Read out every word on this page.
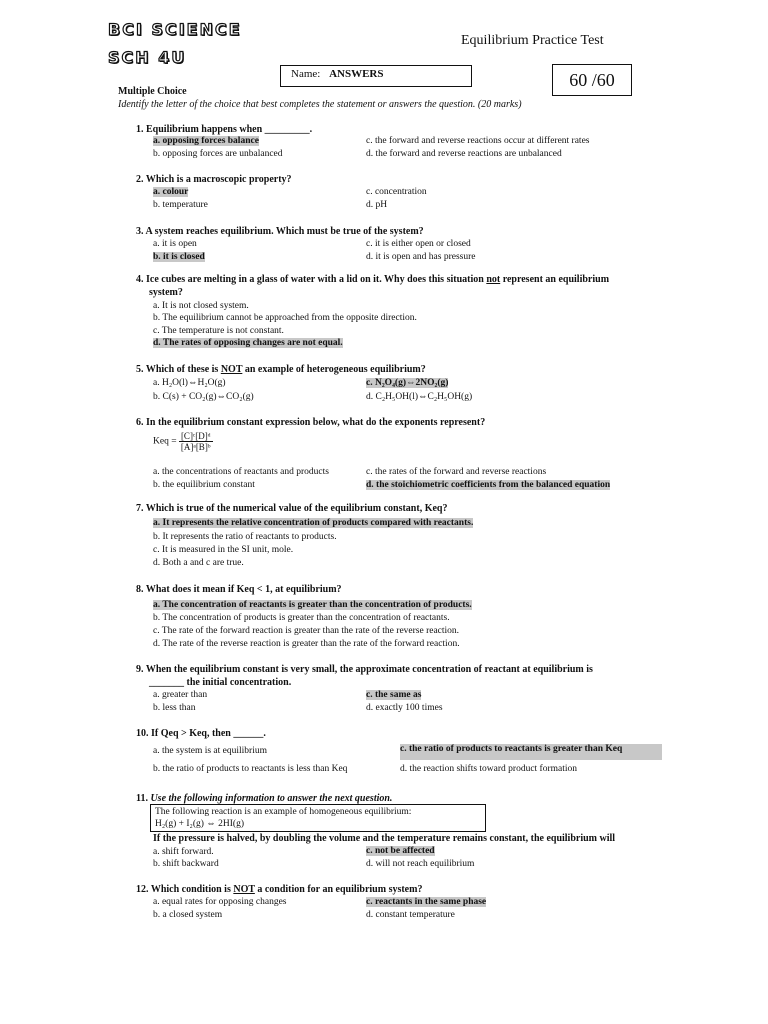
BCI SCIENCE
SCH 4U
Equilibrium Practice Test
Name: ANSWERS	60 /60
Multiple Choice
Identify the letter of the choice that best completes the statement or answers the question. (20 marks)
1. Equilibrium happens when _________.
a. opposing forces balance
b. opposing forces are unbalanced
c. the forward and reverse reactions occur at different rates
d. the forward and reverse reactions are unbalanced
2. Which is a macroscopic property?
a. colour
b. temperature
c. concentration
d. pH
3. A system reaches equilibrium. Which must be true of the system?
a. it is open
b. it is closed
c. it is either open or closed
d. it is open and has pressure
4. Ice cubes are melting in a glass of water with a lid on it. Why does this situation not represent an equilibrium
system?
a. It is not closed system.
b. The equilibrium cannot be approached from the opposite direction.
c. The temperature is not constant.
d. The rates of opposing changes are not equal.
5. Which of these is NOT an example of heterogeneous equilibrium?
a. H₂O(l)⇔H₂O(g)
b. C(s) + CO₂(g)⇔CO₂(g)
c. N₂O₄(g)⇔2NO₂(g)
d. C₂H₅OH(l)⇔C₂H₅OH(g)
6. In the equilibrium constant expression below, what do the exponents represent?
Keq = $\frac{\text{[C]ᶜ[D]ᵈ}}{\text{[A]ᵃ[B]ᵇ}}$
a. the concentrations of reactants and products
b. the equilibrium constant
c. the rates of the forward and reverse reactions
d. the stoichiometric coefficients from the balanced equation
7. Which is true of the numerical value of the equilibrium constant, Keq?
a. It represents the relative concentration of products compared with reactants.
b. It represents the ratio of reactants to products.
c. It is measured in the SI unit, mole.
d. Both a and c are true.
8. What does it mean if Keq < 1, at equilibrium?
a. The concentration of reactants is greater than the concentration of products.
b. The concentration of products is greater than the concentration of reactants.
c. The rate of the forward reaction is greater than the rate of the reverse reaction.
d. The rate of the reverse reaction is greater than the rate of the forward reaction.
9. When the equilibrium constant is very small, the approximate concentration of reactant at equilibrium is
_______ the initial concentration.
a. greater than
b. less than
c. the same as
d. exactly 100 times
10. If Qeq > Keq, then ______.
a. the system is at equilibrium
b. the ratio of products to reactants is less than Keq
c. the ratio of products to reactants is greater than Keq
d. the reaction shifts toward product formation
11. Use the following information to answer the next question.
The following reaction is an example of homogeneous equilibrium:
H₂(g) + I₂(g) ⇔ 2HI(g)
If the pressure is halved, by doubling the volume and the temperature remains constant, the equilibrium will
a. shift forward.
b. shift backward
c. not be affected
d. will not reach equilibrium
12. Which condition is NOT a condition for an equilibrium system?
a. equal rates for opposing changes
b. a closed system
c. reactants in the same phase
d. constant temperature
